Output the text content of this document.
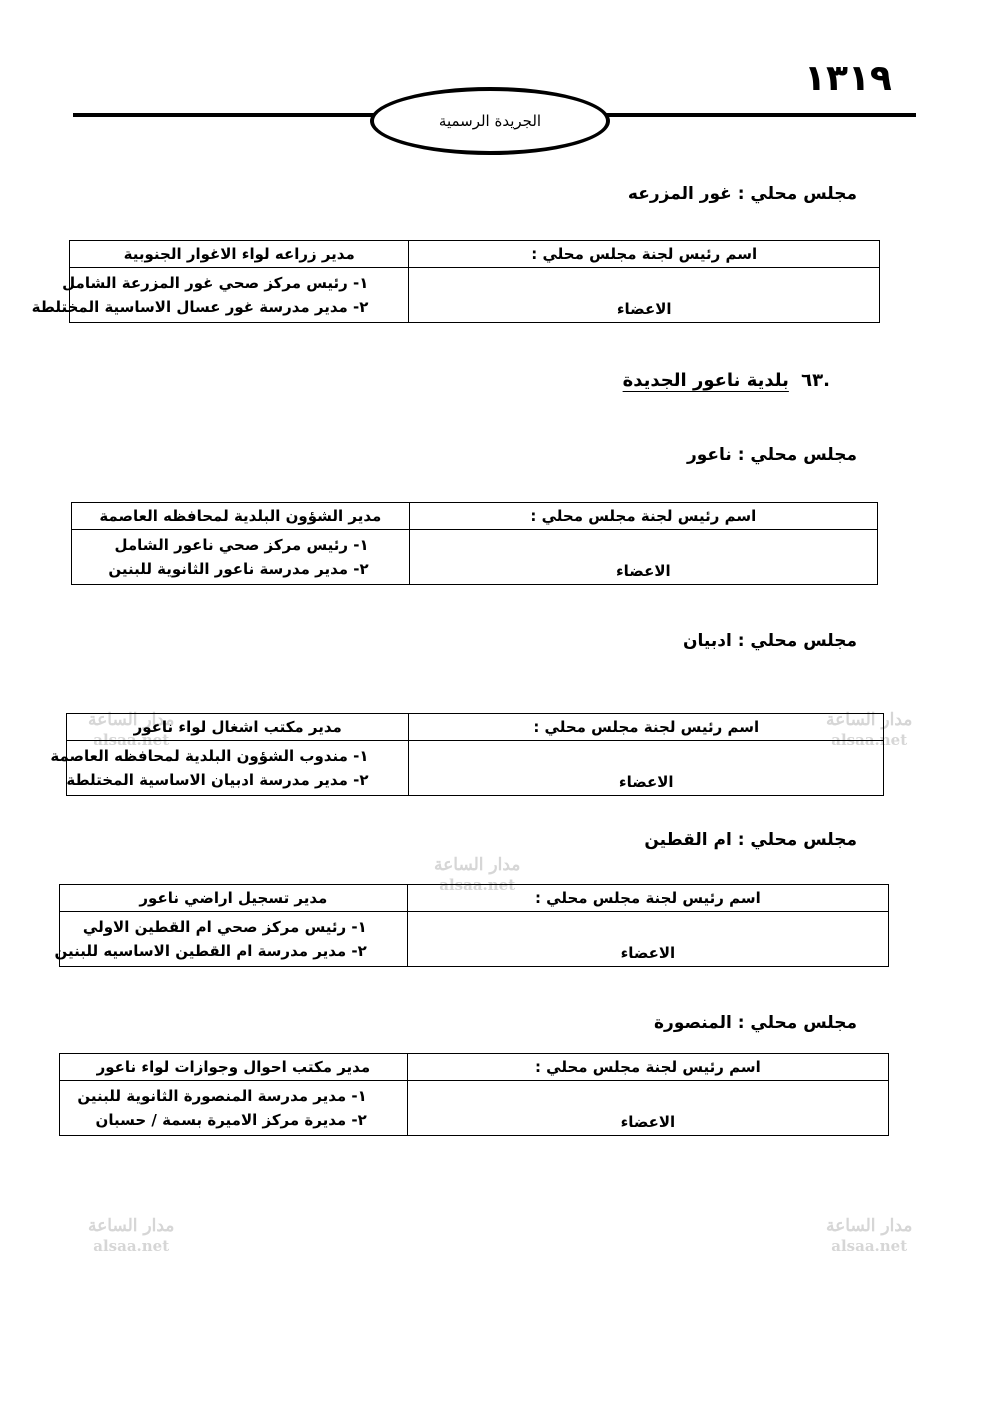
١٣١٩
الجريدة الرسمية
مدار الساعة
alsaa.net
مدار الساعة
alsaa.net
مدار الساعة
alsaa.net
مدار الساعة
alsaa.net
مدار الساعة
alsaa.net
مجلس محلي : غور المزرعه
اسم رئيس لجنة مجلس محلي :	مدير زراعه لواء الاغوار الجنوبية
الاعضاء	١- رئيس مركز صحي غور المزرعة الشامل
٢- مدير مدرسة غور عسال الاساسية المختلطة
.٦٣ بلدية ناعور الجديدة
مجلس محلي : ناعور
اسم رئيس لجنة مجلس محلي :	مدير الشؤون البلدية لمحافظه العاصمة
الاعضاء	١- رئيس مركز صحي ناعور الشامل
٢- مدير مدرسة ناعور الثانوية للبنين
مجلس محلي : ادبيان
اسم رئيس لجنة مجلس محلي :	مدير مكتب اشغال لواء ناعور
الاعضاء	١- مندوب الشؤون البلدية لمحافظه العاصمة
٢- مدير مدرسة ادبيان الاساسية المختلطة
مجلس محلي : ام القطين
اسم رئيس لجنة مجلس محلي :	مدير تسجيل اراضي ناعور
الاعضاء	١- رئيس مركز صحي ام القطين الاولي
٢- مدير مدرسة ام القطين الاساسيه للبنين
مجلس محلي : المنصورة
اسم رئيس لجنة مجلس محلي :	مدير مكتب احوال وجوازات لواء ناعور
الاعضاء	١- مدير مدرسة المنصورة الثانوية للبنين
٢- مديرة مركز الاميرة بسمة / حسبان
